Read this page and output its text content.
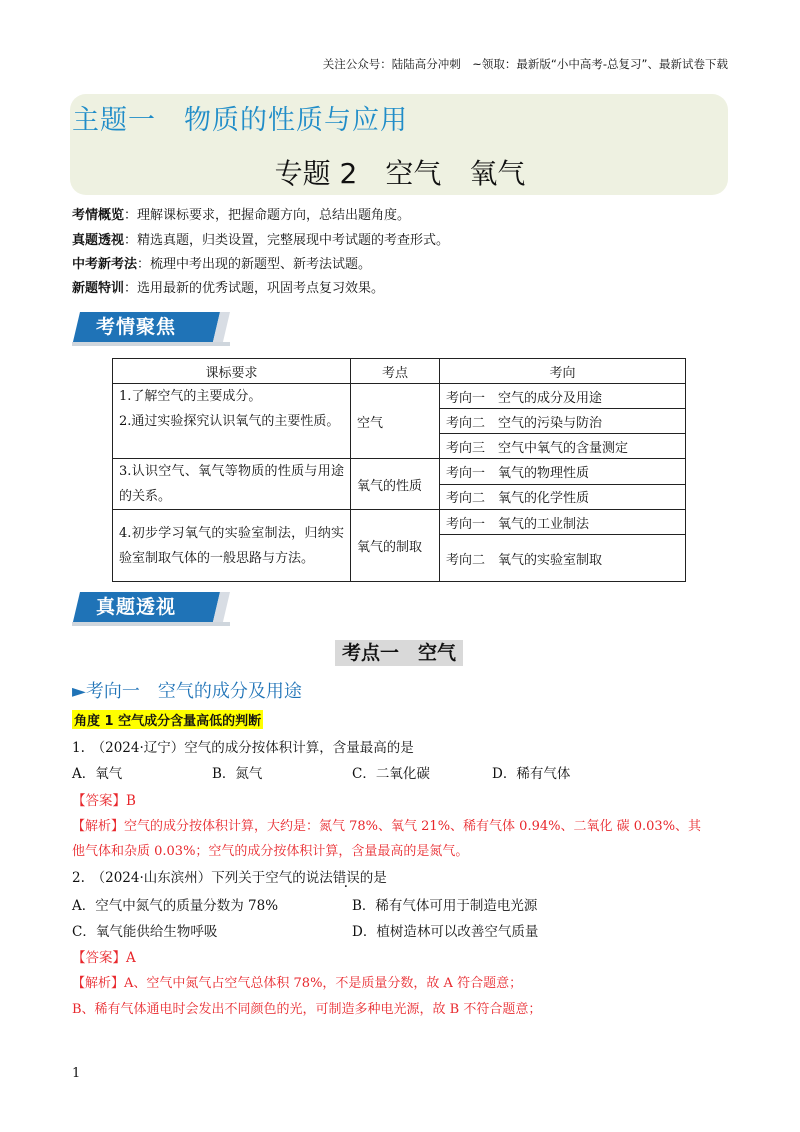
关注公众号：陆陆高分冲刺　~领取：最新版“小中高考-总复习”、最新试卷下载
主题一　物质的性质与应用
专题 2　空气　氧气
考情概览：理解课标要求，把握命题方向，总结出题角度。
真题透视：精选真题，归类设置，完整展现中考试题的考查形式。
中考新考法：梳理中考出现的新题型、新考法试题。
新题特训：选用最新的优秀试题，巩固考点复习效果。
考情聚焦
课标要求	考点	考向

1.了解空气的主要成分。
2.通过实验探究认识氧气的主要性质。	空气	考向一　空气的成分及用途
		考向二　空气的污染与防治
		考向三　空气中氧气的含量测定

3.认识空气、氧气等物质的性质与用途的关系。	氧气的性质	考向一　氧气的物理性质
		考向二　氧气的化学性质

4.初步学习氧气的实验室制法，归纳实验室制取气体的一般思路与方法。	氧气的制取	考向一　氧气的工业制法
		考向二　氧气的实验室制取
真题透视
考点一　空气
►考向一　空气的成分及用途
角度 1 空气成分含量高低的判断
1.　（2024·辽宁）空气的成分按体积计算，含量最高的是
A．氧气	B．氮气	C．二氧化碳	D．稀有气体
【答案】B
【解析】空气的成分按体积计算，大约是：氮气 78%、氧气 21%、稀有气体 0.94%、二氧化 碳 0.03%、其
他气体和杂质 0.03%；空气的成分按体积计算，含量最高的是氮气。
2.　（2024·山东滨州）下列关于空气的说法错误的是
A．空气中氮气的质量分数为 78%	B．稀有气体可用于制造电光源
C．氧气能供给生物呼吸	D．植树造林可以改善空气质量
【答案】A
【解析】A、空气中氮气占空气总体积 78%，不是质量分数，故 A 符合题意；
B、稀有气体通电时会发出不同颜色的光，可制造多种电光源，故 B 不符合题意；
1
